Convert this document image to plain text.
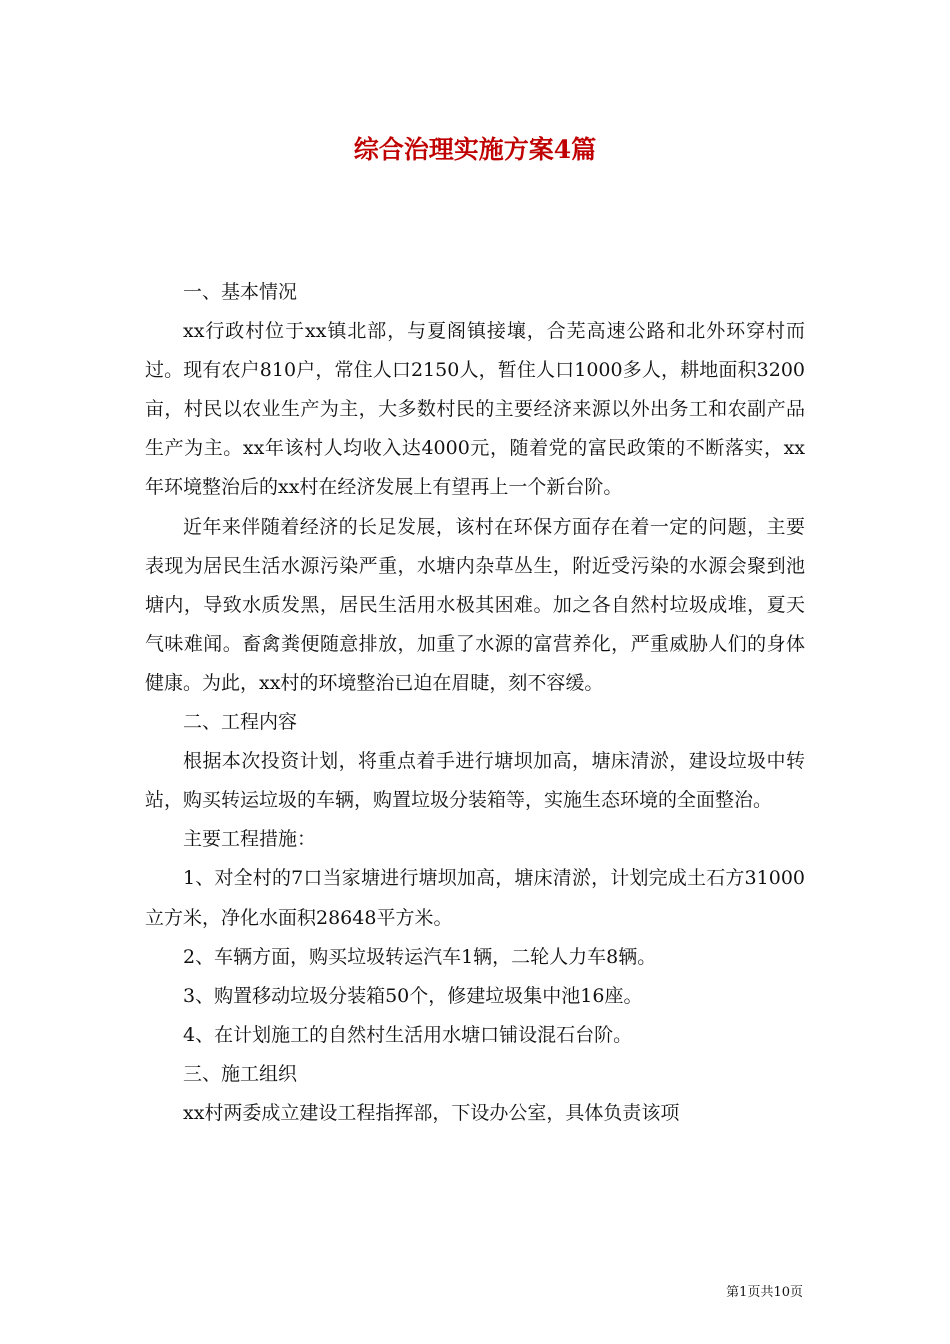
综合治理实施方案4篇

一、基本情况

xx行政村位于xx镇北部，与夏阁镇接壤，合芜高速公路和北外环穿村而过。现有农户810户，常住人口2150人，暂住人口1000多人，耕地面积3200亩，村民以农业生产为主，大多数村民的主要经济来源以外出务工和农副产品生产为主。xx年该村人均收入达4000元，随着党的富民政策的不断落实，xx年环境整治后的xx村在经济发展上有望再上一个新台阶。

近年来伴随着经济的长足发展，该村在环保方面存在着一定的问题，主要表现为居民生活水源污染严重，水塘内杂草丛生，附近受污染的水源会聚到池塘内，导致水质发黑，居民生活用水极其困难。加之各自然村垃圾成堆，夏天气味难闻。畜禽粪便随意排放，加重了水源的富营养化，严重威胁人们的身体健康。为此，xx村的环境整治已迫在眉睫，刻不容缓。

二、工程内容

根据本次投资计划，将重点着手进行塘坝加高，塘床清淤，建设垃圾中转站，购买转运垃圾的车辆，购置垃圾分装箱等，实施生态环境的全面整治。

主要工程措施：

1、对全村的7口当家塘进行塘坝加高，塘床清淤，计划完成土石方31000立方米，净化水面积28648平方米。

2、车辆方面，购买垃圾转运汽车1辆，二轮人力车8辆。

3、购置移动垃圾分装箱50个，修建垃圾集中池16座。

4、在计划施工的自然村生活用水塘口铺设混石台阶。

三、施工组织

xx村两委成立建设工程指挥部，下设办公室，具体负责该项

第1页共10页
